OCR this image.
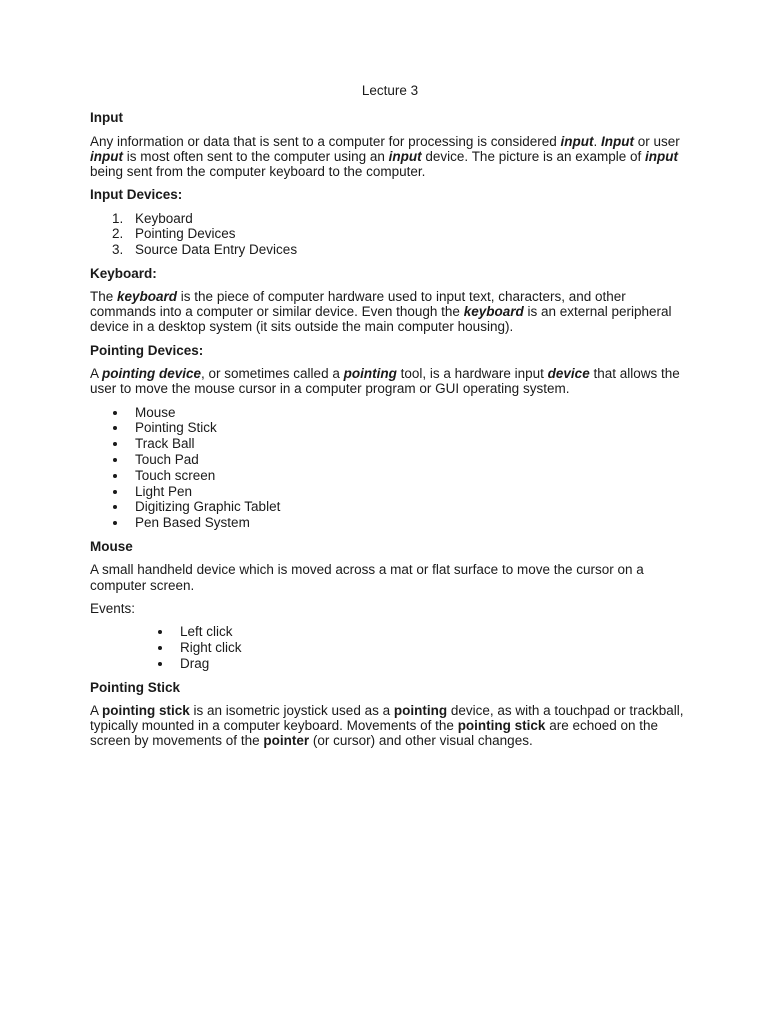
Lecture 3
Input
Any information or data that is sent to a computer for processing is considered input. Input or user input is most often sent to the computer using an input device. The picture is an example of input being sent from the computer keyboard to the computer.
Input Devices:
1. Keyboard
2. Pointing Devices
3. Source Data Entry Devices
Keyboard:
The keyboard is the piece of computer hardware used to input text, characters, and other commands into a computer or similar device. Even though the keyboard is an external peripheral device in a desktop system (it sits outside the main computer housing).
Pointing Devices:
A pointing device, or sometimes called a pointing tool, is a hardware input device that allows the user to move the mouse cursor in a computer program or GUI operating system.
Mouse
Pointing Stick
Track Ball
Touch Pad
Touch screen
Light Pen
Digitizing Graphic Tablet
Pen Based System
Mouse
A small handheld device which is moved across a mat or flat surface to move the cursor on a computer screen.
Events:
Left click
Right click
Drag
Pointing Stick
A pointing stick is an isometric joystick used as a pointing device, as with a touchpad or trackball, typically mounted in a computer keyboard. Movements of the pointing stick are echoed on the screen by movements of the pointer (or cursor) and other visual changes.
